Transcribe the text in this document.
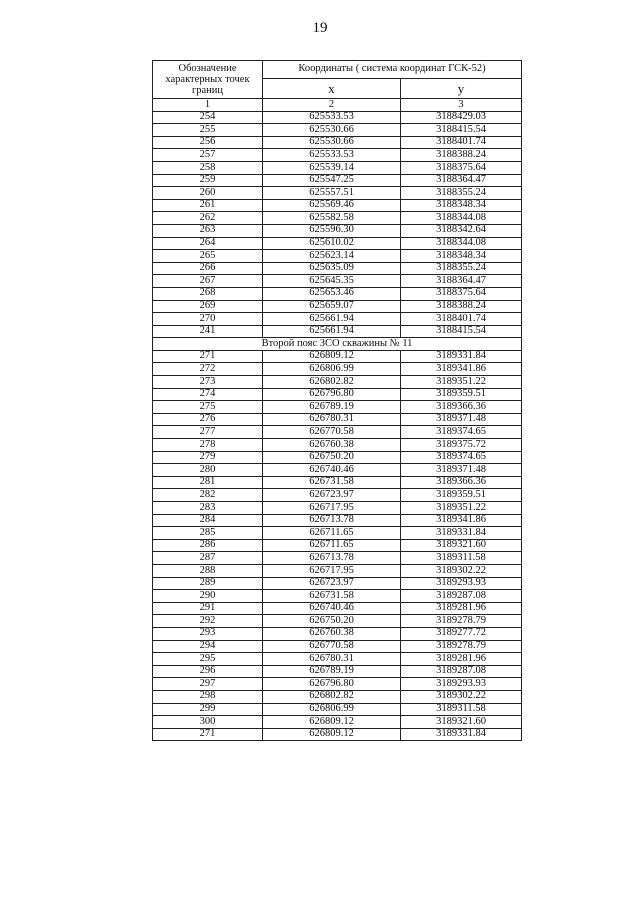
19
Обозначение характерных точек границ	Координаты ( система координат ГСК-52)	
	x	y
1	2	3
254	625533.53	3188429.03
255	625530.66	3188415.54
256	625530.66	3188401.74
257	625533.53	3188388.24
258	625539.14	3188375.64
259	625547.25	3188364.47
260	625557.51	3188355.24
261	625569.46	3188348.34
262	625582.58	3188344.08
263	625596.30	3188342.64
264	625610.02	3188344.08
265	625623.14	3188348.34
266	625635.09	3188355.24
267	625645.35	3188364.47
268	625653.46	3188375.64
269	625659.07	3188388.24
270	625661.94	3188401.74
241	625661.94	3188415.54
Второй пояс ЗСО скважины № 11		
271	626809.12	3189331.84
272	626806.99	3189341.86
273	626802.82	3189351.22
274	626796.80	3189359.51
275	626789.19	3189366.36
276	626780.31	3189371.48
277	626770.58	3189374.65
278	626760.38	3189375.72
279	626750.20	3189374.65
280	626740.46	3189371.48
281	626731.58	3189366.36
282	626723.97	3189359.51
283	626717.95	3189351.22
284	626713.78	3189341.86
285	626711.65	3189331.84
286	626711.65	3189321.60
287	626713.78	3189311.58
288	626717.95	3189302.22
289	626723.97	3189293.93
290	626731.58	3189287.08
291	626740.46	3189281.96
292	626750.20	3189278.79
293	626760.38	3189277.72
294	626770.58	3189278.79
295	626780.31	3189281.96
296	626789.19	3189287.08
297	626796.80	3189293.93
298	626802.82	3189302.22
299	626806.99	3189311.58
300	626809.12	3189321.60
271	626809.12	3189331.84
